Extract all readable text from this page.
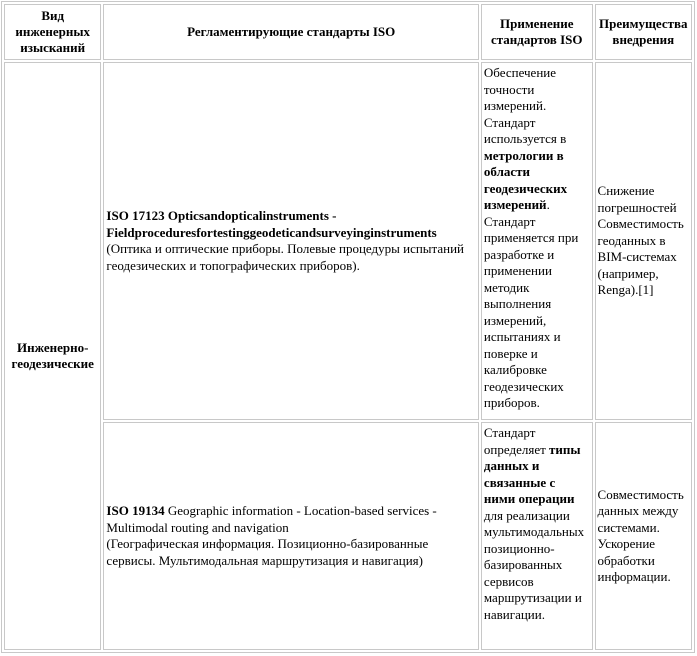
Вид инженерных изысканий	Регламентирующие стандарты ISO	Применение стандартов ISO	Преимущества внедрения
Инженерно-геодезические	ISO 17123 Opticsandopticalinstruments - Fieldproceduresfortestinggeodeticandsurveyinginstruments
(Оптика и оптические приборы. Полевые процедуры испытаний геодезических и топографических приборов).	Обеспечение точности измерений.
Стандарт используется в метрологии в области геодезических измерений.
Стандарт применяется при разработке и применении методик выполнения измерений, испытаниях и поверке и калибровке геодезических приборов.	Снижение погрешностей
Совместимость геоданных в BIM-системах (например, Renga).[1]

	ISO 19134 Geographic information - Location-based services - Multimodal routing and navigation
(Географическая информация. Позиционно-базированные сервисы. Мультимодальная маршрутизация и навигация)	Стандарт определяет типы данных и связанные с ними операции для реализации мультимодальных позиционно-базированных сервисов маршрутизации и навигации.	Совместимость данных между системами.
Ускорение обработки информации.
